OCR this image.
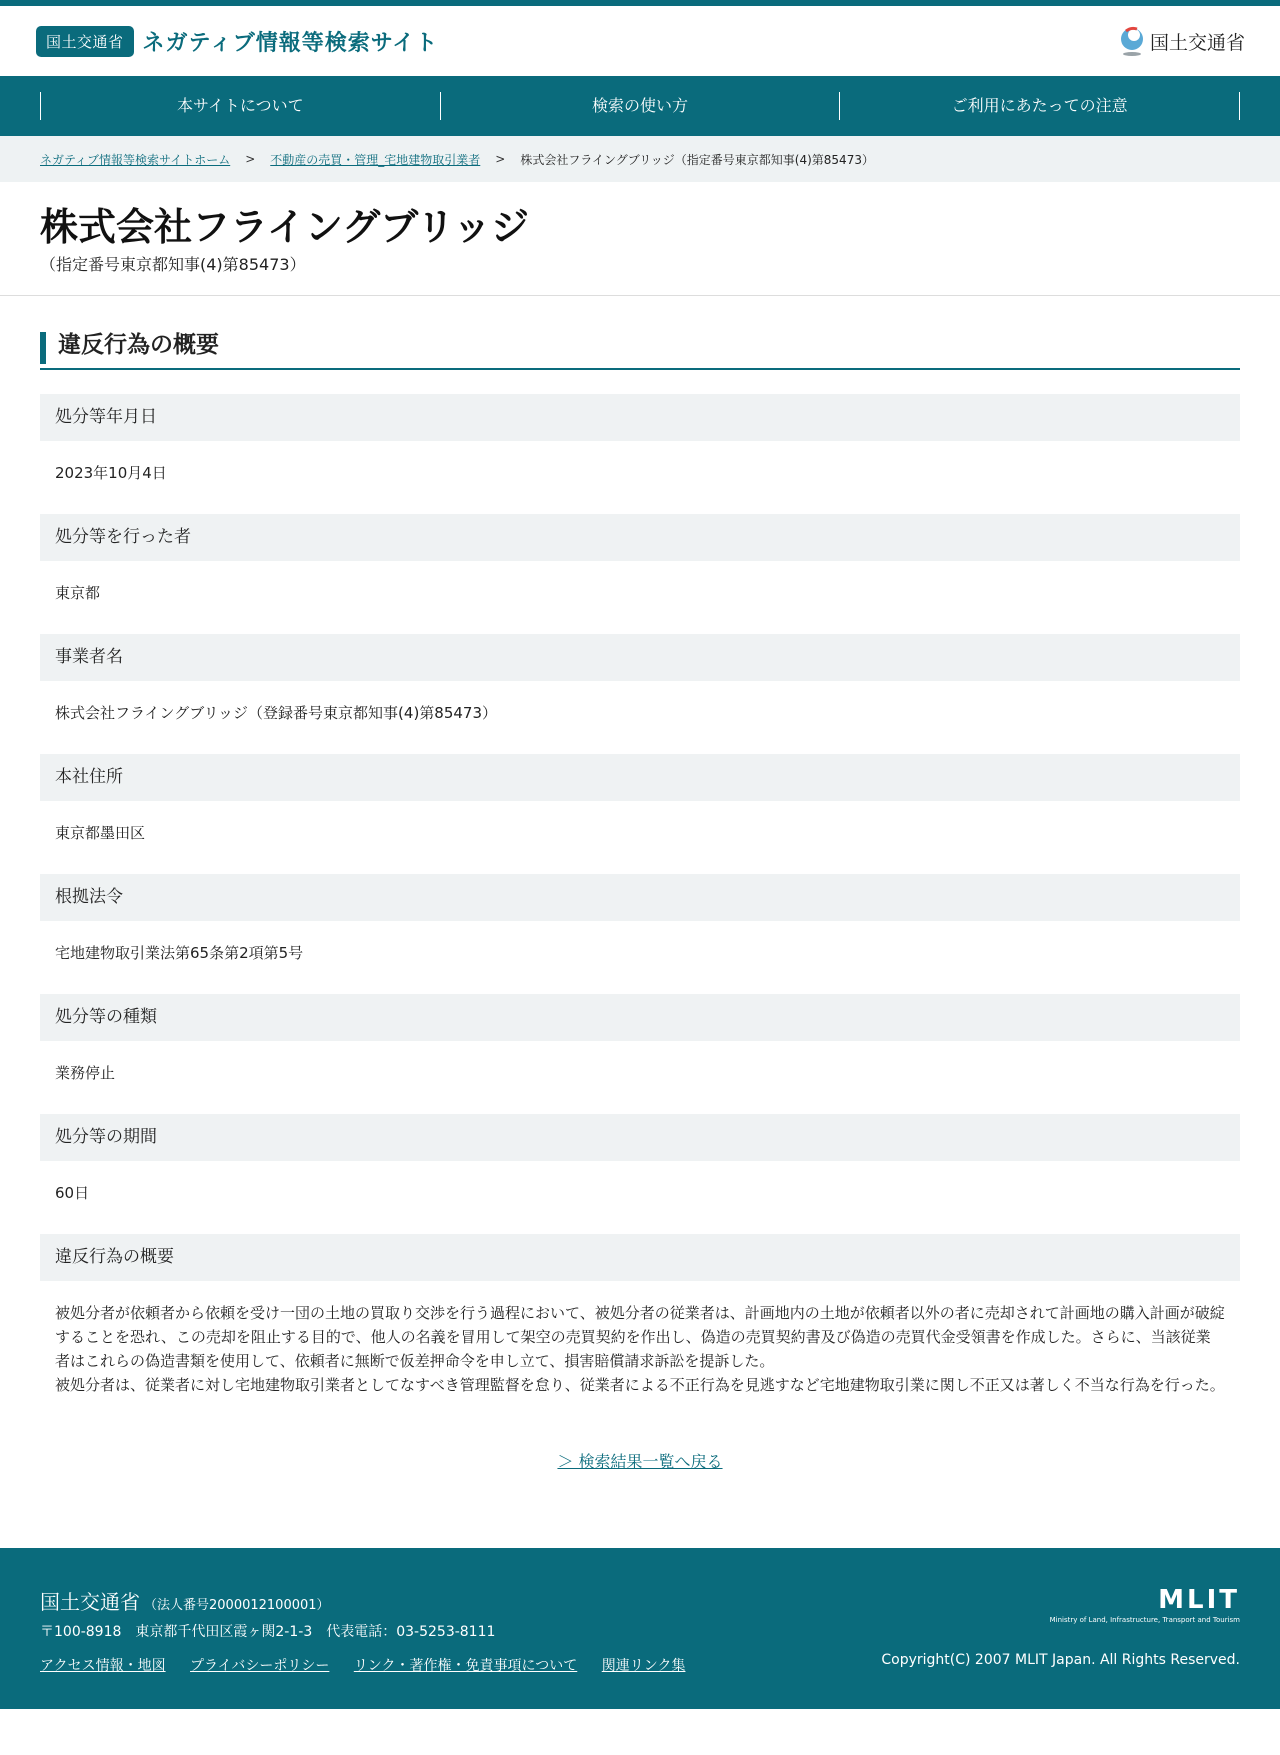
国土交通省 ネガティブ情報等検索サイト	国土交通省
本サイトについて	検索の使い方	ご利用にあたっての注意
ネガティブ情報等検索サイトホーム > 不動産の売買・管理_宅地建物取引業者 > 株式会社フライングブリッジ（指定番号東京都知事(4)第85473）
株式会社フライングブリッジ
（指定番号東京都知事(4)第85473）
違反行為の概要
処分等年月日
2023年10月4日
処分等を行った者
東京都
事業者名
株式会社フライングブリッジ（登録番号東京都知事(4)第85473）
本社住所
東京都墨田区
根拠法令
宅地建物取引業法第65条第2項第5号
処分等の種類
業務停止
処分等の期間
60日
違反行為の概要

被処分者が依頼者から依頼を受け一団の土地の買取り交渉を行う過程において、被処分者の従業者は、計画地内の土地が依頼者以外の者に売却されて計画地の購入計画が破綻することを恐れ、この売却を阻止する目的で、他人の名義を冒用して架空の売買契約を作出し、偽造の売買契約書及び偽造の売買代金受領書を作成した。さらに、当該従業者はこれらの偽造書類を使用して、依頼者に無断で仮差押命令を申し立て、損害賠償請求訴訟を提訴した。

被処分者は、従業者に対し宅地建物取引業者としてなすべき管理監督を怠り、従業者による不正行為を見逃すなど宅地建物取引業に関し不正又は著しく不当な行為を行った。

＞ 検索結果一覧へ戻る
国土交通省 （法人番号2000012100001）
〒100-8918　東京都千代田区霞ヶ関2-1-3　代表電話：03-5253-8111
アクセス情報・地図 プライバシーポリシー リンク・著作権・免責事項について 関連リンク集
MLIT
Ministry of Land, Infrastructure, Transport and Tourism
Copyright(C) 2007 MLIT Japan. All Rights Reserved.
